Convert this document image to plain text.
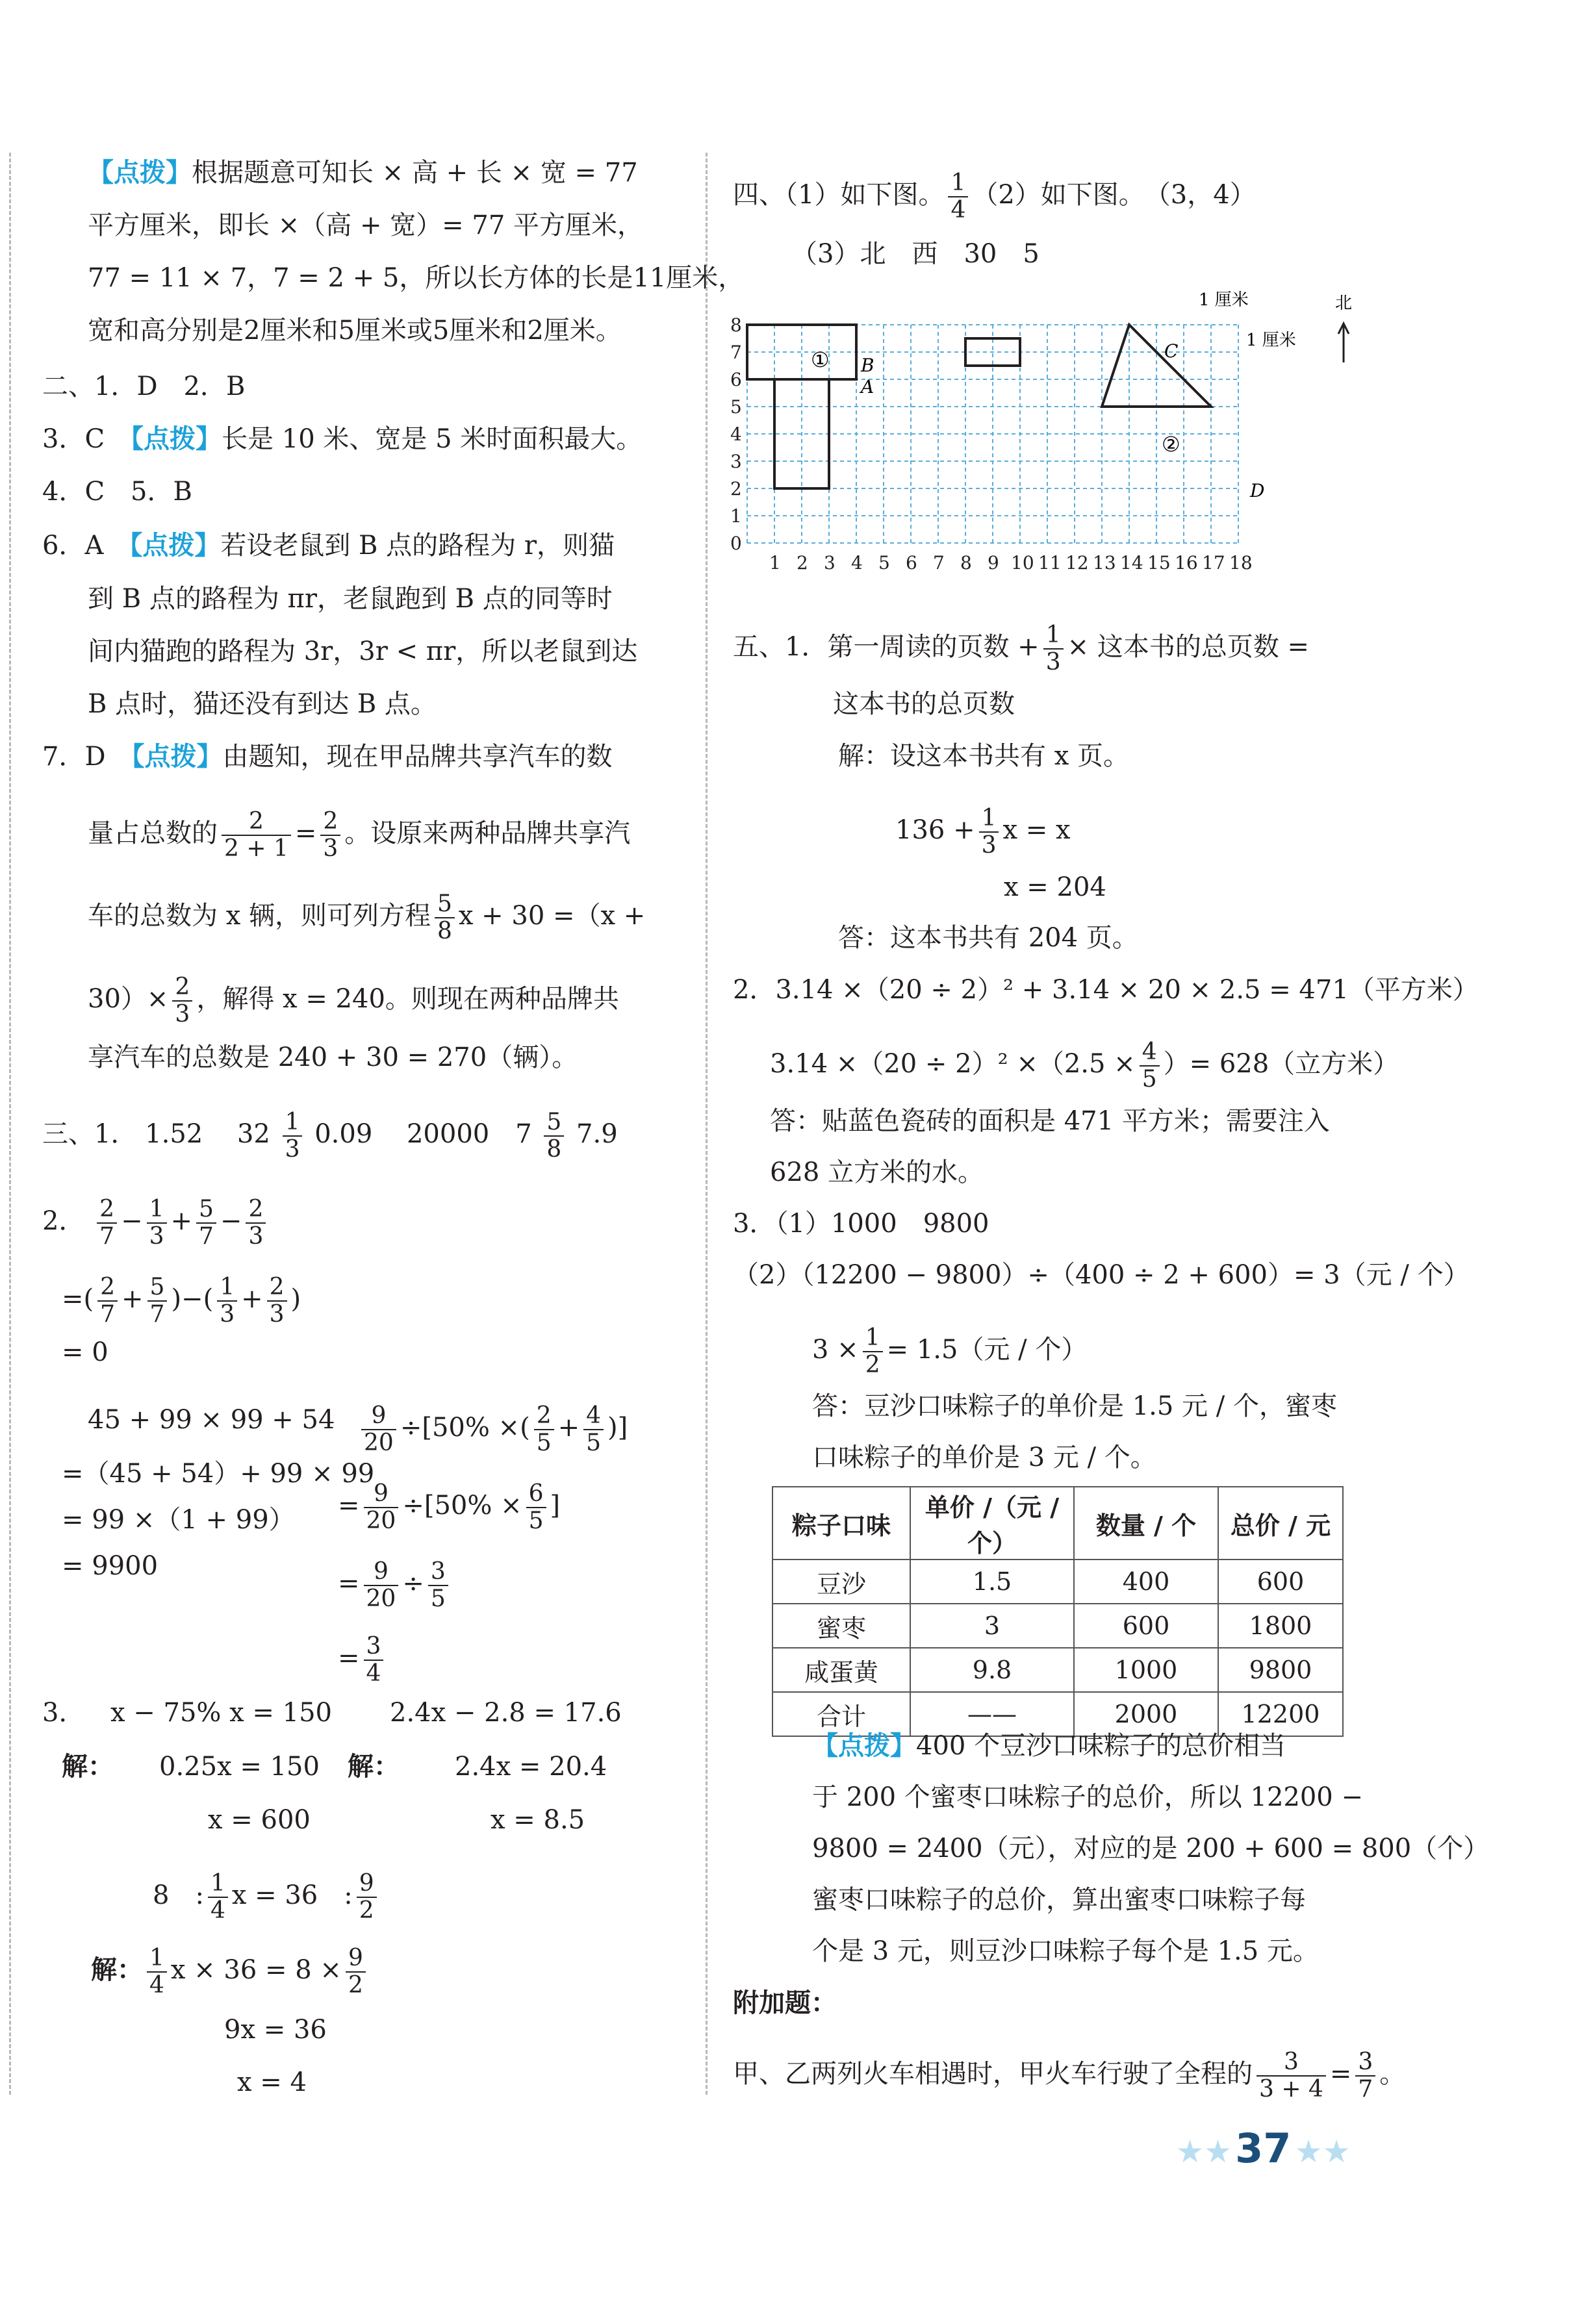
【点拨】根据题意可知长 × 高 + 长 × 宽 = 77
平方厘米，即长 ×（高 + 宽）= 77 平方厘米，
77 = 11 × 7，7 = 2 + 5，所以长方体的长是11厘米，
宽和高分别是2厘米和5厘米或5厘米和2厘米。
二、1．D　2．B
3．C　 【点拨】长是 10 米、宽是 5 米时面积最大。
4．C　5．B
6．A　 【点拨】若设老鼠到 B 点的路程为 r，则猫
到 B 点的路程为 πr，老鼠跑到 B 点的同等时
间内猫跑的路程为 3r，3r < πr，所以老鼠到达
B 点时，猫还没有到达 B 点。
7．D　 【点拨】由题知，现在甲品牌共享汽车的数
量占总数的 $\frac{2}{2 + 1} = \frac{2}{3}$ 。设原来两种品牌共享汽
车的总数为 x 辆，则可列方程 $\frac{5}{8}$ x + 30 =（x +
$30)\times \frac{2}{3}$ ，解得 x = 240。则现在两种品牌共
享汽车的总数是 240 + 30 = 270（辆）。
三、1． 1.52　 $32 \frac{1}{3} 0.09$　 20000　 $7 \frac{5}{8} 7.9$
2． $\frac{2}{7} - \frac{1}{3} + \frac{5}{7} - \frac{2}{3}$
=( $\frac{2}{7} + \frac{5}{7}$ )−( $\frac{1}{3} + \frac{2}{3}$ )
= 0
45 + 99 × 99 + 54
=（45 + 54）+ 99 × 99
= 99 ×（1 + 99）
= 9900
$\frac{9}{20} \div[50\%$ ×( $\frac{2}{5} + \frac{4}{5}$ )]
= $\frac{9}{20} \div[50\% \times \frac{6}{5}$ ]
= $\frac{9}{20} \div \frac{3}{5}$
= $\frac{3}{4}$
3． x − 75% x = 150 2.4x − 2.8 = 17.6
解： 0.25x = 150 解： 2.4x = 20.4
x = 600	x = 8.5
8　: $\frac{1}{4}$ x = 36　: $\frac{9}{2}$
解： $\frac{1}{4}$ $x \times 36 = 8 \times \frac{9}{2}$
9x = 36
x = 4
四、（1）如下图。 $\frac{1}{4} (2)$如下图。　（3，4）
（3）北　西　30　5
8
7
6
5
4
3
2
1
0
1 2 3 4 5 6 7 8 9 10 11 12 13 14 15 16 17 18
B
A
C
D
①
②
1 厘米
1 厘米
北
五、1．第一周读的页数 + $\frac{1}{3}$ × 这本书的总页数 =
这本书的总页数
解：设这本书共有 x 页。
$136 + \frac{1}{3}$ x = x
x = 204
答：这本书共有 204 页。
2．3.14 ×（20 ÷ 2）² + 3.14 × 20 × 2.5 = 471（平方米）
$3.14 \times(20 \div 2)^2 \times(2.5 \times \frac{4}{5}$ ）= 628（立方米）
答：贴蓝色瓷砖的面积是 471 平方米；需要注入
628 立方米的水。
3．（1）1000　9800
（2）（12200 − 9800）÷（400 ÷ 2 + 600）= 3（元 / 个）
$3 \times \frac{1}{2} = 1.5$（元 / 个）
答：豆沙口味粽子的单价是 1.5 元 / 个，蜜枣
口味粽子的单价是 3 元 / 个。
粽子口味	单价 /（元 / 个）	数量 / 个	总价 / 元
豆沙	1.5	400	600
蜜枣	3	600	1800
咸蛋黄	9.8	1000	9800
合计	——	2000	12200
【点拨】400 个豆沙口味粽子的总价相当
于 200 个蜜枣口味粽子的总价，所以 12200 −
9800 = 2400（元），对应的是 200 + 600 = 800（个）
蜜枣口味粽子的总价，算出蜜枣口味粽子每
个是 3 元，则豆沙口味粽子每个是 1.5 元。
附加题：
甲、乙两列火车相遇时，甲火车行驶了全程的 $\frac{3}{3 + 4} = \frac{3}{7}$ 。
★★ 37 ★★
